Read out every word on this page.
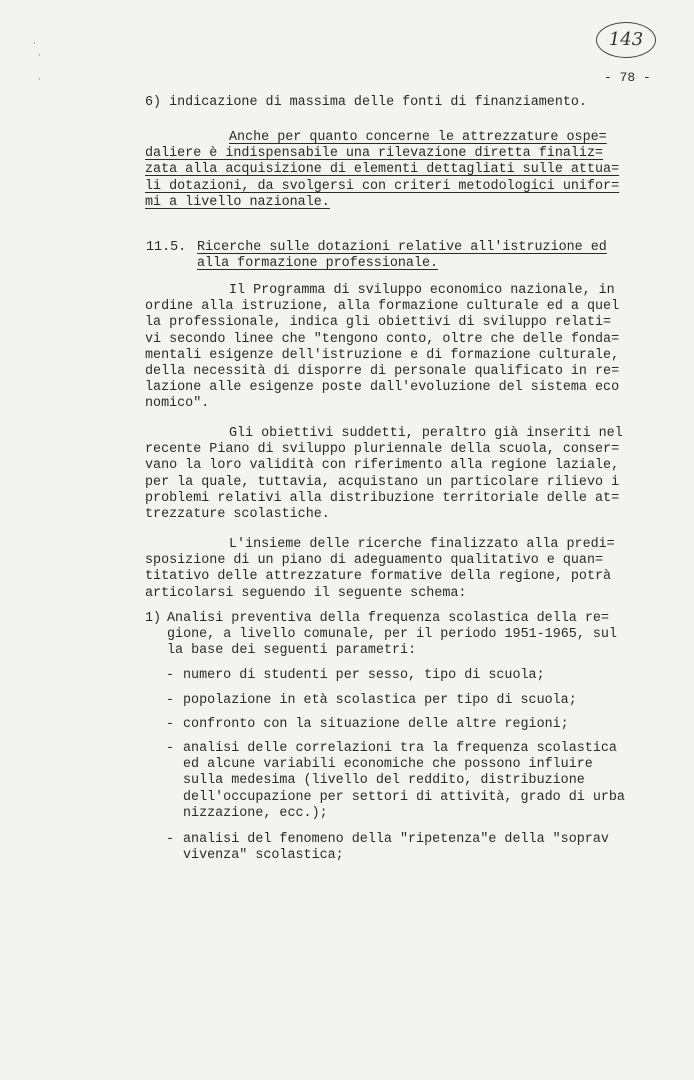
·
·

·
143
- 78 -
6) indicazione di massima delle fonti di finanziamento.
Anche per quanto concerne le attrezzature ospe=
daliere è indispensabile una rilevazione diretta finaliz=
zata alla acquisizione di elementi dettagliati sulle attua=
li dotazioni, da svolgersi con criteri metodologici unifor=
mi a livello nazionale.
11.5. Ricerche sulle dotazioni relative all'istruzione ed
alla formazione professionale.
Il Programma di sviluppo economico nazionale, in
ordine alla istruzione, alla formazione culturale ed a quel
la professionale, indica gli obiettivi di sviluppo relati=
vi secondo linee che "tengono conto, oltre che delle fonda=
mentali esigenze dell'istruzione e di formazione culturale,
della necessità di disporre di personale qualificato in re=
lazione alle esigenze poste dall'evoluzione del sistema eco
nomico".
Gli obiettivi suddetti, peraltro già inseriti nel
recente Piano di sviluppo pluriennale della scuola, conser=
vano la loro validità con riferimento alla regione laziale,
per la quale, tuttavia, acquistano un particolare rilievo i
problemi relativi alla distribuzione territoriale delle at=
trezzature scolastiche.
L'insieme delle ricerche finalizzato alla predi=
sposizione di un piano di adeguamento qualitativo e quan=
titativo delle attrezzature formative della regione, potrà
articolarsi seguendo il seguente schema:
1) Analisi preventiva della frequenza scolastica della re=
gione, a livello comunale, per il periodo 1951-1965, sul
la base dei seguenti parametri:
- numero di studenti per sesso, tipo di scuola;
- popolazione in età scolastica per tipo di scuola;
- confronto con la situazione delle altre regioni;
- analisi delle correlazioni tra la frequenza scolastica
ed alcune variabili economiche che possono influire
sulla medesima (livello del reddito, distribuzione
dell'occupazione per settori di attività, grado di urba
nizzazione, ecc.);
- analisi del fenomeno della "ripetenza"e della "soprav
vivenza" scolastica;
